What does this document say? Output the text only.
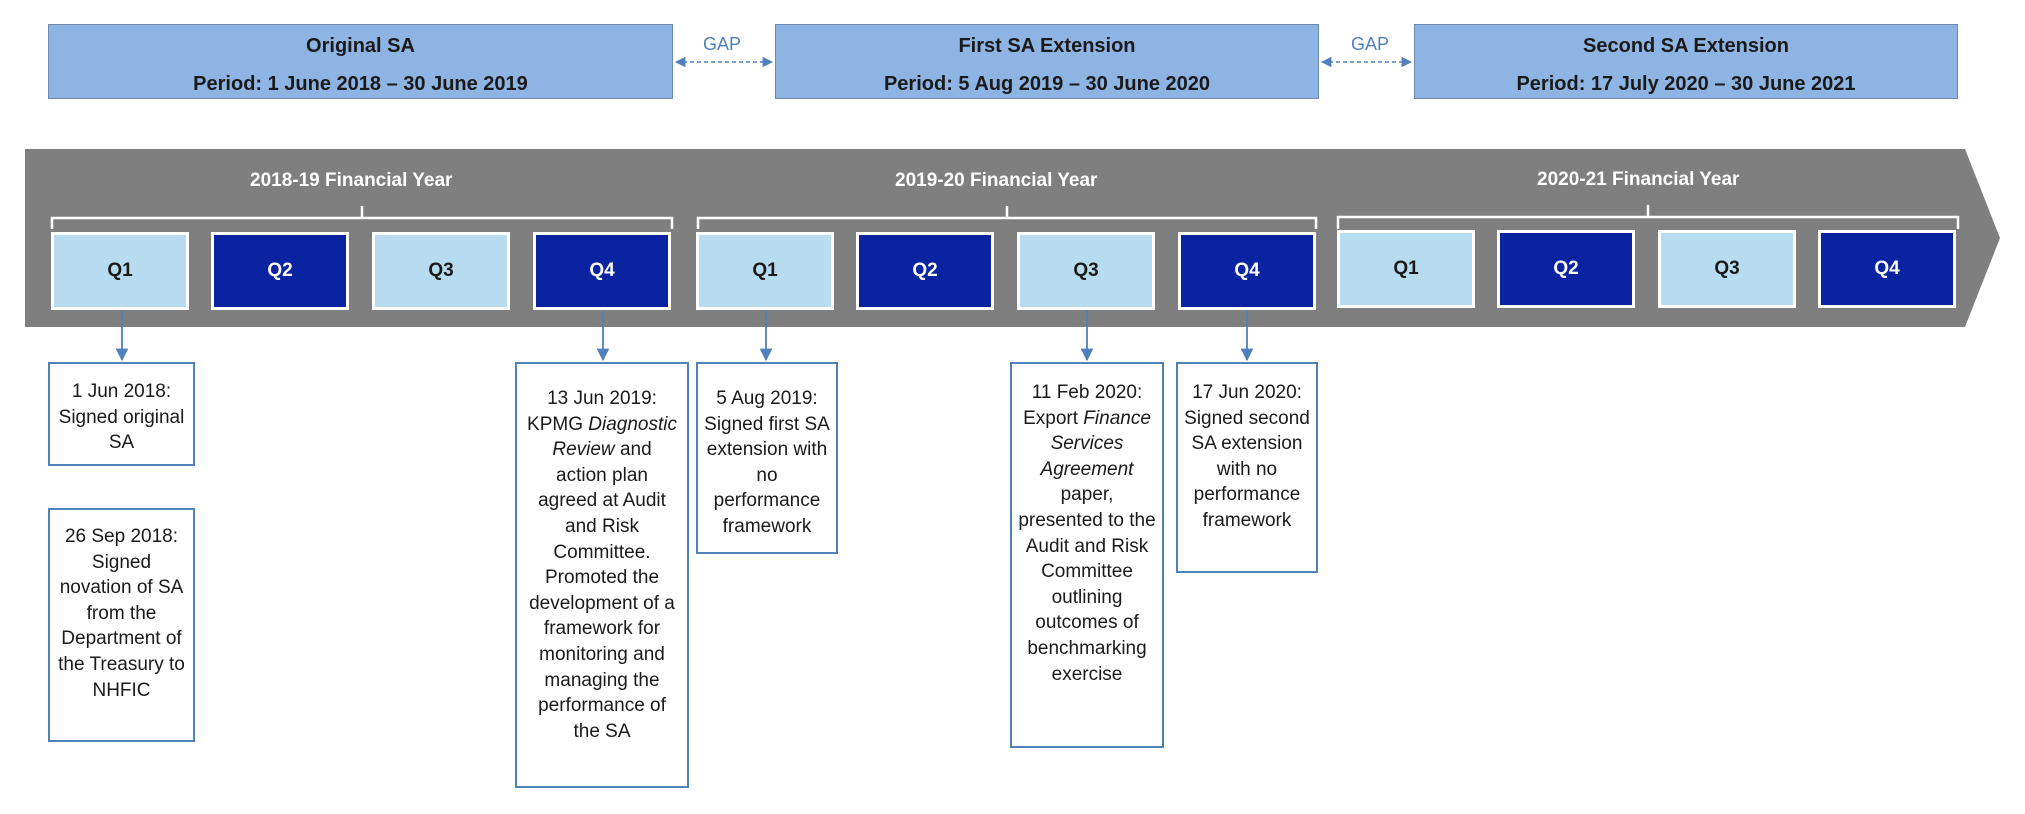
Original SA
Period: 1 June 2018 – 30 June 2019
First SA Extension
Period: 5 Aug 2019 – 30 June 2020
Second SA Extension
Period: 17 July 2020 – 30 June 2021
GAP	GAP
2018-19 Financial Year	2019-20 Financial Year	2020-21 Financial Year
Q1	Q2	Q3	Q4	Q1	Q2	Q3	Q4	Q1	Q2	Q3	Q4
1 Jun 2018: Signed original SA
26 Sep 2018: Signed novation of SA from the Department of the Treasury to NHFIC
13 Jun 2019: KPMG Diagnostic Review and action plan agreed at Audit and Risk Committee. Promoted the development of a framework for monitoring and managing the performance of the SA
5 Aug 2019: Signed first SA extension with no performance framework
11 Feb 2020: Export Finance Services Agreement paper, presented to the Audit and Risk Committee outlining outcomes of benchmarking exercise
17 Jun 2020: Signed second SA extension with no performance framework
